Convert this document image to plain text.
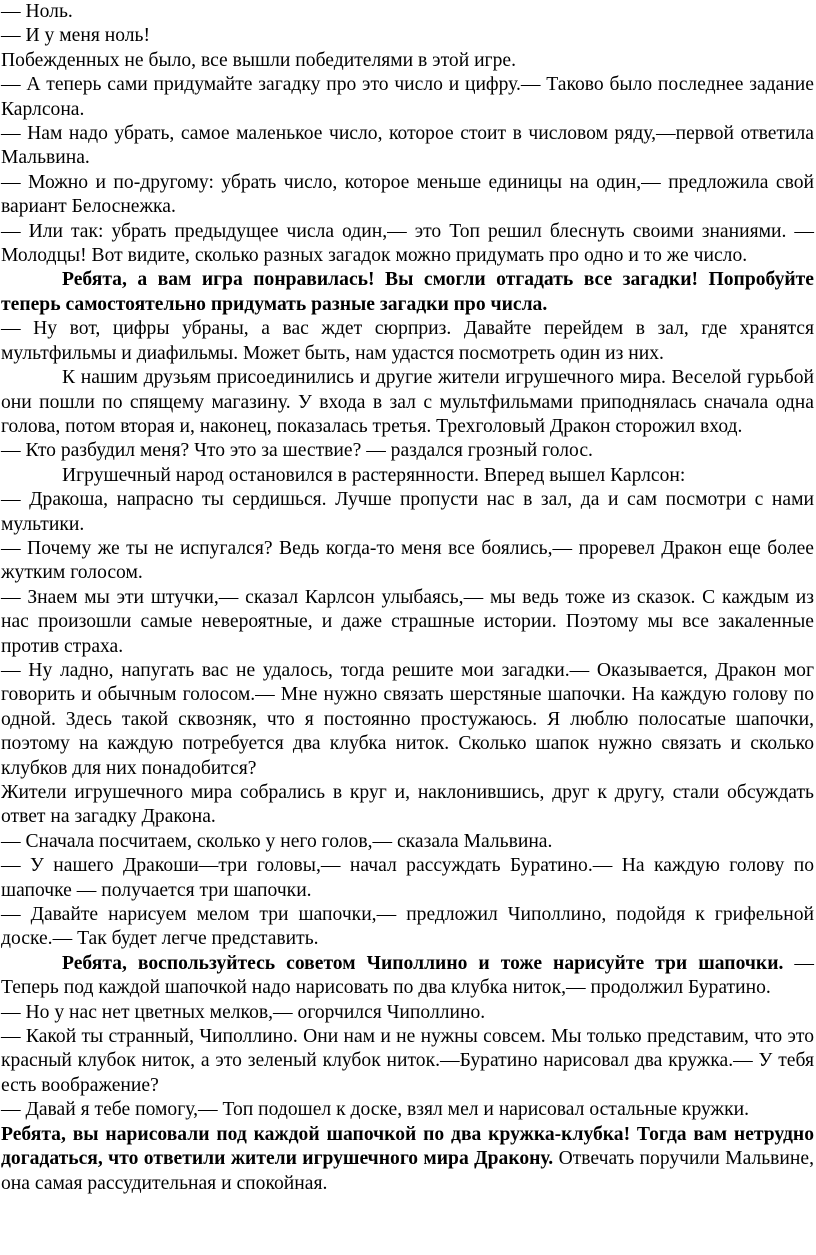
— Ноль.

— И у меня ноль!

Побежденных не было, все вышли победителями в этой игре.

— А теперь сами придумайте загадку про это число и цифру.— Таково было последнее задание Карлсона.

— Нам надо убрать, самое маленькое число, которое стоит в числовом ряду,—первой ответила Мальвина.

— Можно и по-другому: убрать число, которое меньше единицы на один,— предложила свой вариант Белоснежка.

— Или так: убрать предыдущее числа один,— это Топ решил блеснуть своими знаниями. — Молодцы! Вот видите, сколько разных загадок можно придумать про одно и то же число.

Ребята, а вам игра понравилась! Вы смогли отгадать все загадки! Попробуйте теперь самостоятельно придумать разные загадки про числа.

— Ну вот, цифры убраны, а вас ждет сюрприз. Давайте перейдем в зал, где хранятся мультфильмы и диафильмы. Может быть, нам удастся посмотреть один из них.

К нашим друзьям присоединились и другие жители игрушечного мира. Веселой гурьбой они пошли по спящему магазину. У входа в зал с мультфильмами приподнялась сначала одна голова, потом вторая и, наконец, показалась третья. Трехголовый Дракон сторожил вход.

— Кто разбудил меня? Что это за шествие? — раздался грозный голос.

Игрушечный народ остановился в растерянности. Вперед вышел Карлсон:

— Дракоша, напрасно ты сердишься. Лучше пропусти нас в зал, да и сам посмотри с нами мультики.

— Почему же ты не испугался? Ведь когда-то меня все боялись,— проревел Дракон еще более жутким голосом.

— Знаем мы эти штучки,— сказал Карлсон улыбаясь,— мы ведь тоже из сказок. С каждым из нас произошли самые невероятные, и даже страшные истории. Поэтому мы все закаленные против страха.

— Ну ладно, напугать вас не удалось, тогда решите мои загадки.— Оказывается, Дракон мог говорить и обычным голосом.— Мне нужно связать шерстяные шапочки. На каждую голову по одной. Здесь такой сквозняк, что я постоянно простужаюсь. Я люблю полосатые шапочки, поэтому на каждую потребуется два клубка ниток. Сколько шапок нужно связать и сколько клубков для них понадобится?

Жители игрушечного мира собрались в круг и, наклонившись, друг к другу, стали обсуждать ответ на загадку Дракона.

— Сначала посчитаем, сколько у него голов,— сказала Мальвина.

— У нашего Дракоши—три головы,— начал рассуждать Буратино.— На каждую голову по шапочке — получается три шапочки.

— Давайте нарисуем мелом три шапочки,— предложил Чиполлино, подойдя к грифельной доске.— Так будет легче представить.

Ребята, воспользуйтесь советом Чиполлино и тоже нарисуйте три шапочки. — Теперь под каждой шапочкой надо нарисовать по два клубка ниток,— продолжил Буратино.

— Но у нас нет цветных мелков,— огорчился Чиполлино.

— Какой ты странный, Чиполлино. Они нам и не нужны совсем. Мы только представим, что это красный клубок ниток, а это зеленый клубок ниток.—Буратино нарисовал два кружка.— У тебя есть воображение?

— Давай я тебе помогу,— Топ подошел к доске, взял мел и нарисовал остальные кружки.

Ребята, вы нарисовали под каждой шапочкой по два кружка-клубка! Тогда вам нетрудно догадаться, что ответили жители игрушечного мира Дракону. Отвечать поручили Мальвине, она самая рассудительная и спокойная.
